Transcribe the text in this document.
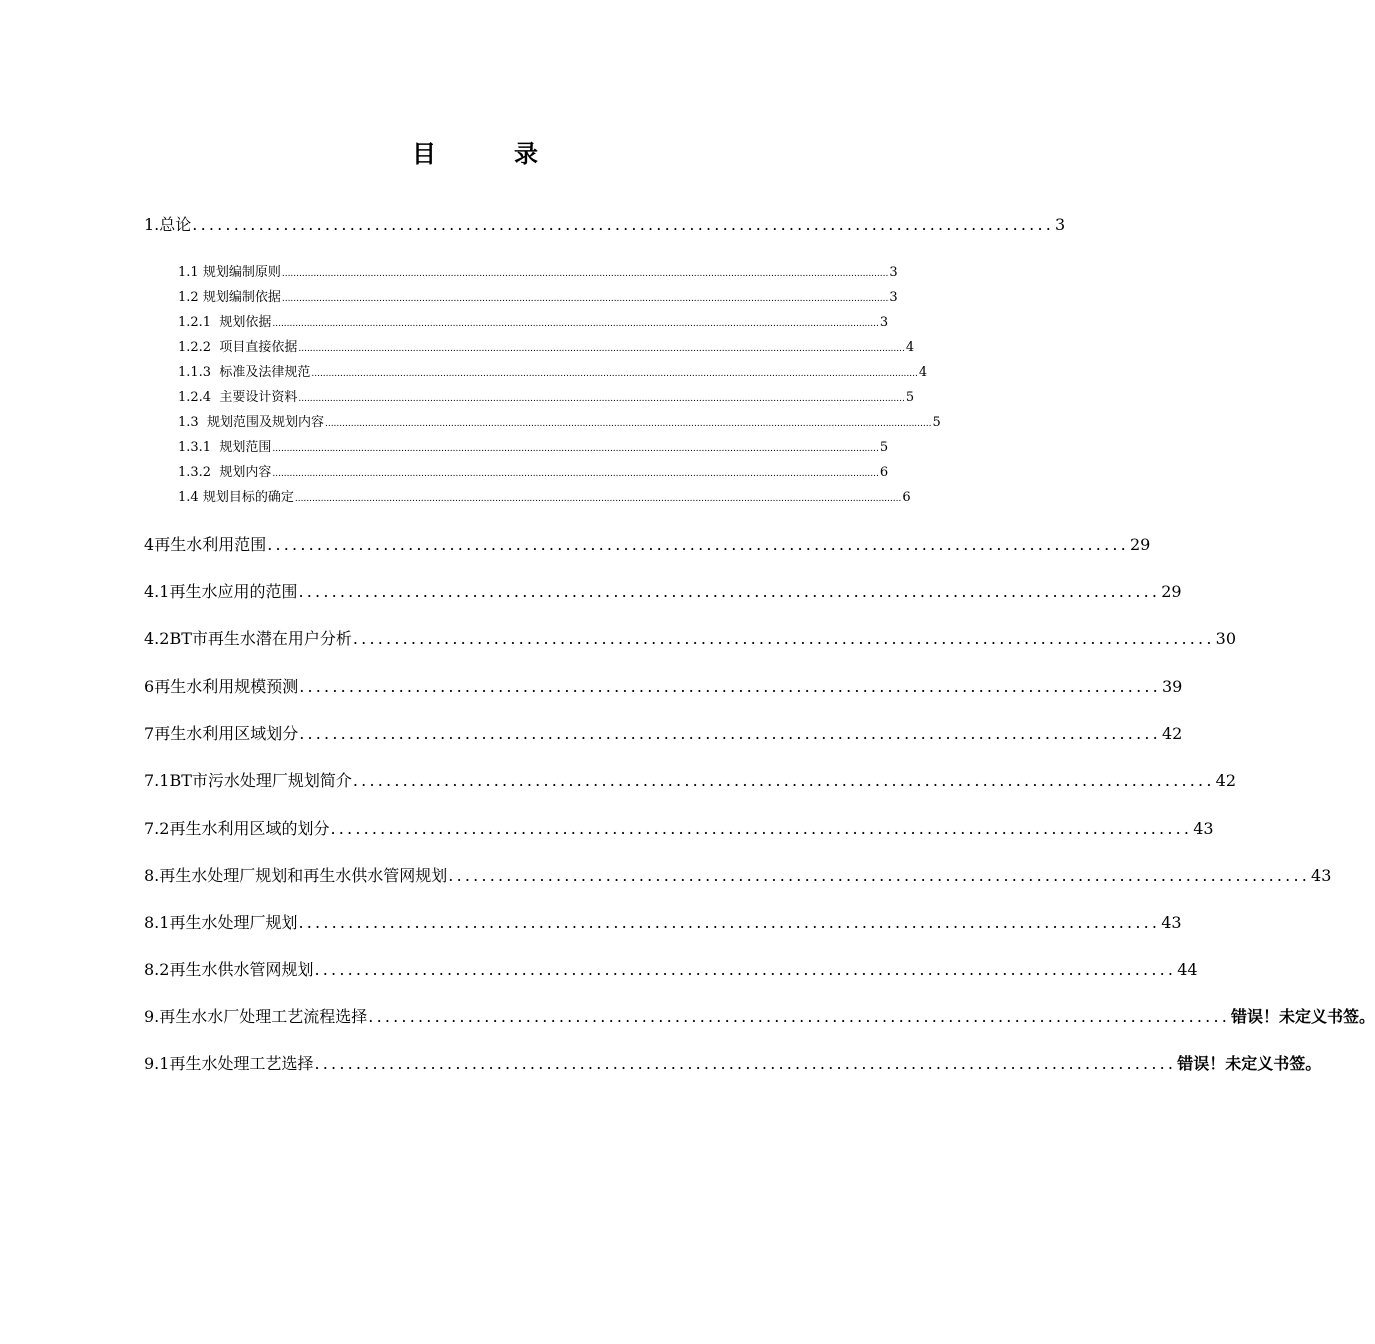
目	录
1. 总论 ........................................................................................................ 3
1.1
规划编制原则 .................................................................................................................................................................................................................... 3
1.2
规划编制依据 .................................................................................................................................................................................................................... 3
1.2.1
规划依据 .................................................................................................................................................................................................................... 3
1.2.2
项目直接依据 .................................................................................................................................................................................................................... 4
1.1.3
标准及法律规范 .................................................................................................................................................................................................................... 4
1.2.4
主要设计资料 .................................................................................................................................................................................................................... 5
1.3
规划范围及规划内容 .................................................................................................................................................................................................................... 5
1.3.1
规划范围 .................................................................................................................................................................................................................... 5
1.3.2
规划内容 .................................................................................................................................................................................................................... 6
1.4
规划目标的确定 .................................................................................................................................................................................................................... 6
4 再生水利用范围 ........................................................................................................ 29
4.1 再生水应用的范围 ........................................................................................................ 29
4.2BT 市再生水潜在用户分析 ........................................................................................................ 30
6 再生水利用规模预测 ........................................................................................................ 39
7 再生水利用区域划分 ........................................................................................................ 42
7.1BT 市污水处理厂规划简介 ........................................................................................................ 42
7.2 再生水利用区域的划分 ........................................................................................................ 43
8. 再生水处理厂规划和再生水供水管网规划 ........................................................................................................ 43
8.1 再生水处理厂规划 ........................................................................................................ 43
8.2 再生水供水管网规划 ........................................................................................................ 44
9. 再生水水厂处理工艺流程选择 ........................................................................................................ 错误！未定义书签。
9.1 再生水处理工艺选择 ........................................................................................................ 错误！未定义书签。
